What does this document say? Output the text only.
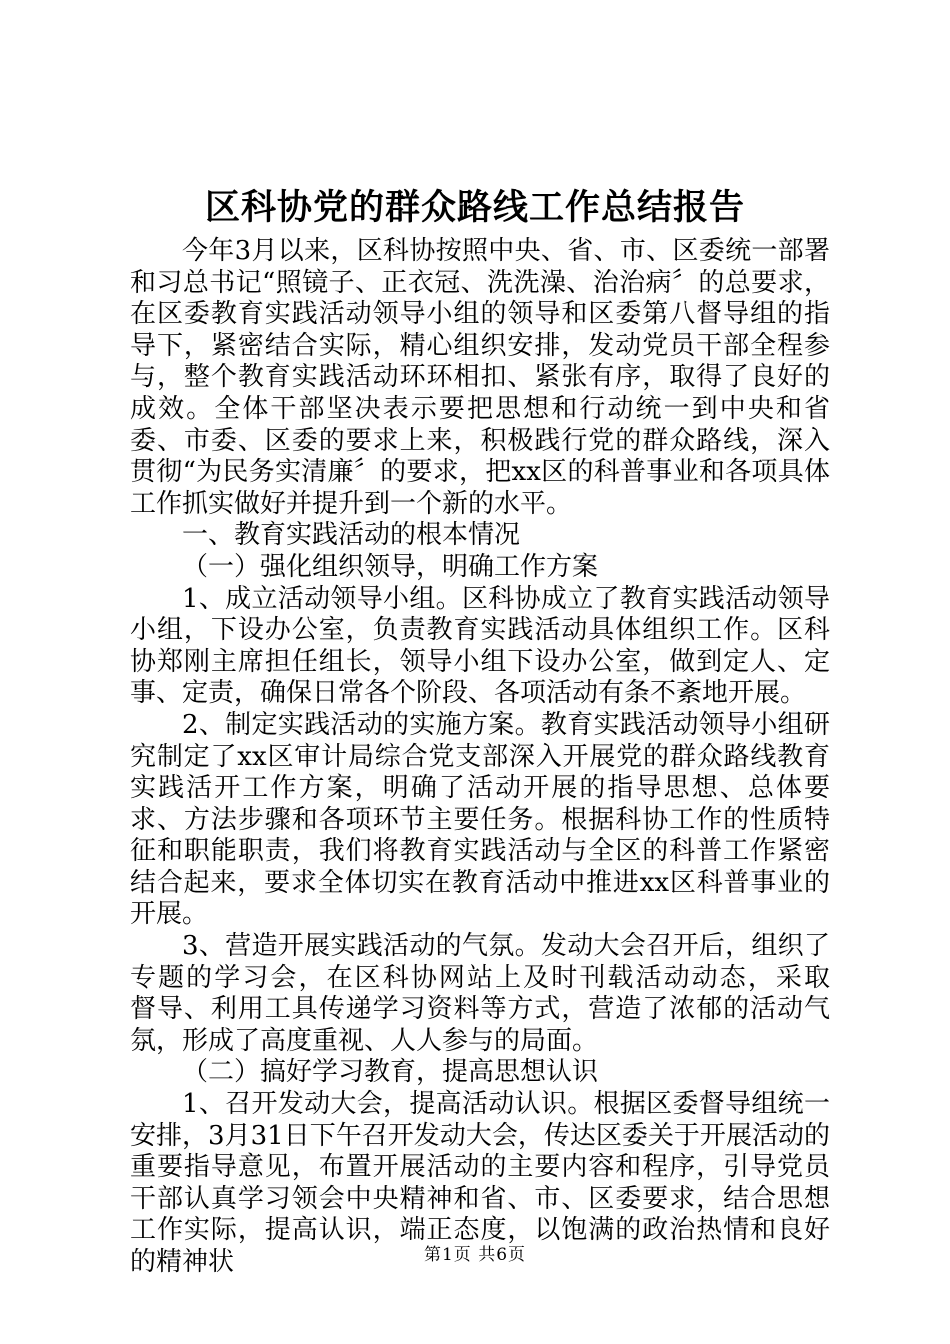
区科协党的群众路线工作总结报告

今年3月以来，区科协按照中央、省、市、区委统一部署和习总书记“照镜子、正衣冠、洗洗澡、治治病〞的总要求，在区委教育实践活动领导小组的领导和区委第八督导组的指导下，紧密结合实际，精心组织安排，发动党员干部全程参与，整个教育实践活动环环相扣、紧张有序，取得了良好的成效。全体干部坚决表示要把思想和行动统一到中央和省委、市委、区委的要求上来，积极践行党的群众路线，深入贯彻“为民务实清廉〞的要求，把xx区的科普事业和各项具体工作抓实做好并提升到一个新的水平。

一、教育实践活动的根本情况

（一）强化组织领导，明确工作方案

1、成立活动领导小组。区科协成立了教育实践活动领导小组，下设办公室，负责教育实践活动具体组织工作。区科协郑刚主席担任组长，领导小组下设办公室，做到定人、定事、定责，确保日常各个阶段、各项活动有条不紊地开展。

2、制定实践活动的实施方案。教育实践活动领导小组研究制定了xx区审计局综合党支部深入开展党的群众路线教育实践活开工作方案，明确了活动开展的指导思想、总体要求、方法步骤和各项环节主要任务。根据科协工作的性质特征和职能职责，我们将教育实践活动与全区的科普工作紧密结合起来，要求全体切实在教育活动中推进xx区科普事业的开展。

3、营造开展实践活动的气氛。发动大会召开后，组织了专题的学习会，在区科协网站上及时刊载活动动态，采取　 督导、利用工具传递学习资料等方式，营造了浓郁的活动气氛，形成了高度重视、人人参与的局面。

（二）搞好学习教育，提高思想认识

1、召开发动大会，提高活动认识。根据区委督导组统一安排，3月31日下午召开发动大会，传达区委关于开展活动的重要指导意见，布置开展活动的主要内容和程序，引导党员干部认真学习领会中央精神和省、市、区委要求，结合思想工作实际，提高认识，端正态度，以饱满的政治热情和良好的精神状	第1页 共6页
